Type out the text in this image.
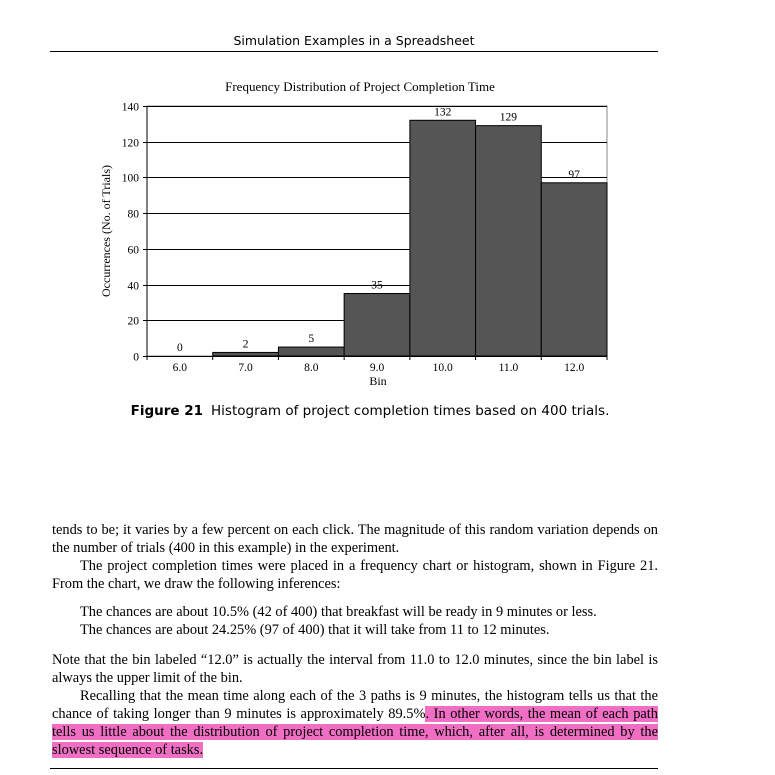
Simulation Examples in a Spreadsheet
Frequency Distribution of Project Completion Time
0
20
40
60
80
100
120
140
6.0	7.0	8.0	9.0	10.0	11.0	12.0
0	2	5
35
132	129
97
Bin
Occurrences (No. of Trials)
Figure 21 Histogram of project completion times based on 400 trials.

tends to be; it varies by a few percent on each click. The magnitude of this random variation depends on the number of trials (400 in this example) in the experiment.

The project completion times were placed in a frequency chart or histogram, shown in Figure 21. From the chart, we draw the following inferences:

The chances are about 10.5% (42 of 400) that breakfast will be ready in 9 minutes or less.

The chances are about 24.25% (97 of 400) that it will take from 11 to 12 minutes.

Note that the bin labeled “12.0” is actually the interval from 11.0 to 12.0 minutes, since the bin label is always the upper limit of the bin.

Recalling that the mean time along each of the 3 paths is 9 minutes, the histogram tells us that the chance of taking longer than 9 minutes is approximately 89.5%. In other words, the mean of each path tells us little about the distribution of project completion time, which, after all, is determined by the slowest sequence of tasks.
